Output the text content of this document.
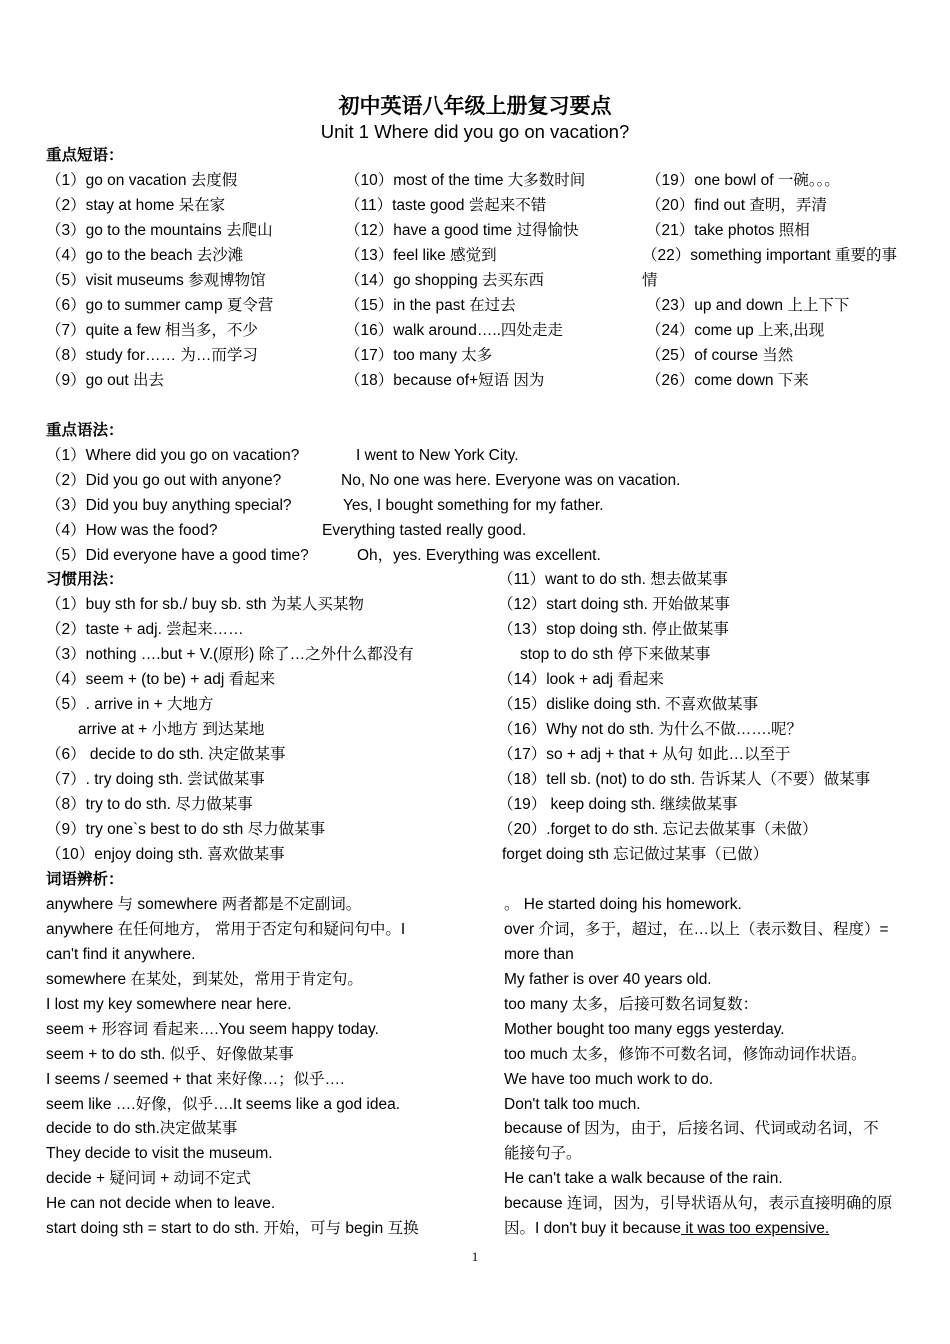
初中英语八年级上册复习要点
Unit 1 Where did you go on vacation?
重点短语：
（1）go on vacation 去度假
（2）stay at home 呆在家
（3）go to the mountains 去爬山
（4）go to the beach 去沙滩
（5）visit museums 参观博物馆
（6）go to summer camp 夏令营
（7）quite a few 相当多，不少
（8）study for…… 为…而学习
（9）go out 出去
（10）most of the time 大多数时间
（11）taste good 尝起来不错
（12）have a good time 过得愉快
（13）feel like 感觉到
（14）go shopping 去买东西
（15）in the past 在过去
（16）walk around…..四处走走
（17）too many 太多
（18）because of+短语 因为
（19）one bowl of 一碗。。。
（20）find out 查明，弄清
（21）take photos 照相
（22）something important 重要的事
情
（23）up and down 上上下下
（24）come up 上来,出现
（25）of course 当然
（26）come down 下来
重点语法：
（1）Where did you go on vacation?	I went to New York City.
（2）Did you go out with anyone?	No, No one was here. Everyone was on vacation.
（3）Did you buy anything special?	Yes, I bought something for my father.
（4）How was the food?	Everything tasted really good.
（5）Did everyone have a good time?	Oh，yes. Everything was excellent.
习惯用法：
（1）buy sth for sb./ buy sb. sth 为某人买某物
（2）taste + adj. 尝起来……
（3）nothing ….but + V.(原形) 除了…之外什么都没有
（4）seem + (to be) + adj 看起来
（5）. arrive in + 大地方
arrive at + 小地方 到达某地
（6） decide to do sth. 决定做某事
（7）. try doing sth. 尝试做某事
（8）try to do sth. 尽力做某事
（9）try one`s best to do sth 尽力做某事
（10）enjoy doing sth. 喜欢做某事
（11）want to do sth. 想去做某事
（12）start doing sth. 开始做某事
（13）stop doing sth. 停止做某事
stop to do sth 停下来做某事
（14）look + adj 看起来
（15）dislike doing sth. 不喜欢做某事
（16）Why not do sth. 为什么不做…….呢？
（17）so + adj + that + 从句 如此…以至于
（18）tell sb. (not) to do sth. 告诉某人（不要）做某事
（19） keep doing sth. 继续做某事
（20）.forget to do sth. 忘记去做某事（未做）
forget doing sth 忘记做过某事（已做）
词语辨析：
anywhere 与 somewhere 两者都是不定副词。
anywhere 在任何地方， 常用于否定句和疑问句中。I
can't find it anywhere.
somewhere 在某处，到某处，常用于肯定句。
I lost my key somewhere near here.
seem + 形容词 看起来….You seem happy today.
seem + to do sth. 似乎、好像做某事
I seems / seemed + that 来好像…；似乎….
seem like ….好像，似乎….It seems like a god idea.
decide to do sth.决定做某事
They decide to visit the museum.
decide + 疑问词 + 动词不定式
He can not decide when to leave.
start doing sth = start to do sth. 开始，可与 begin 互换
。 He started doing his homework.
over 介词，多于，超过，在…以上（表示数目、程度）=
more than
My father is over 40 years old.
too many 太多，后接可数名词复数：
Mother bought too many eggs yesterday.
too much 太多，修饰不可数名词，修饰动词作状语。
We have too much work to do.
Don't talk too much.
because of 因为，由于，后接名词、代词或动名词，不
能接句子。
He can't take a walk because of the rain.
because 连词，因为，引导状语从句，表示直接明确的原
因。I don't buy it because it was too expensive.
1
